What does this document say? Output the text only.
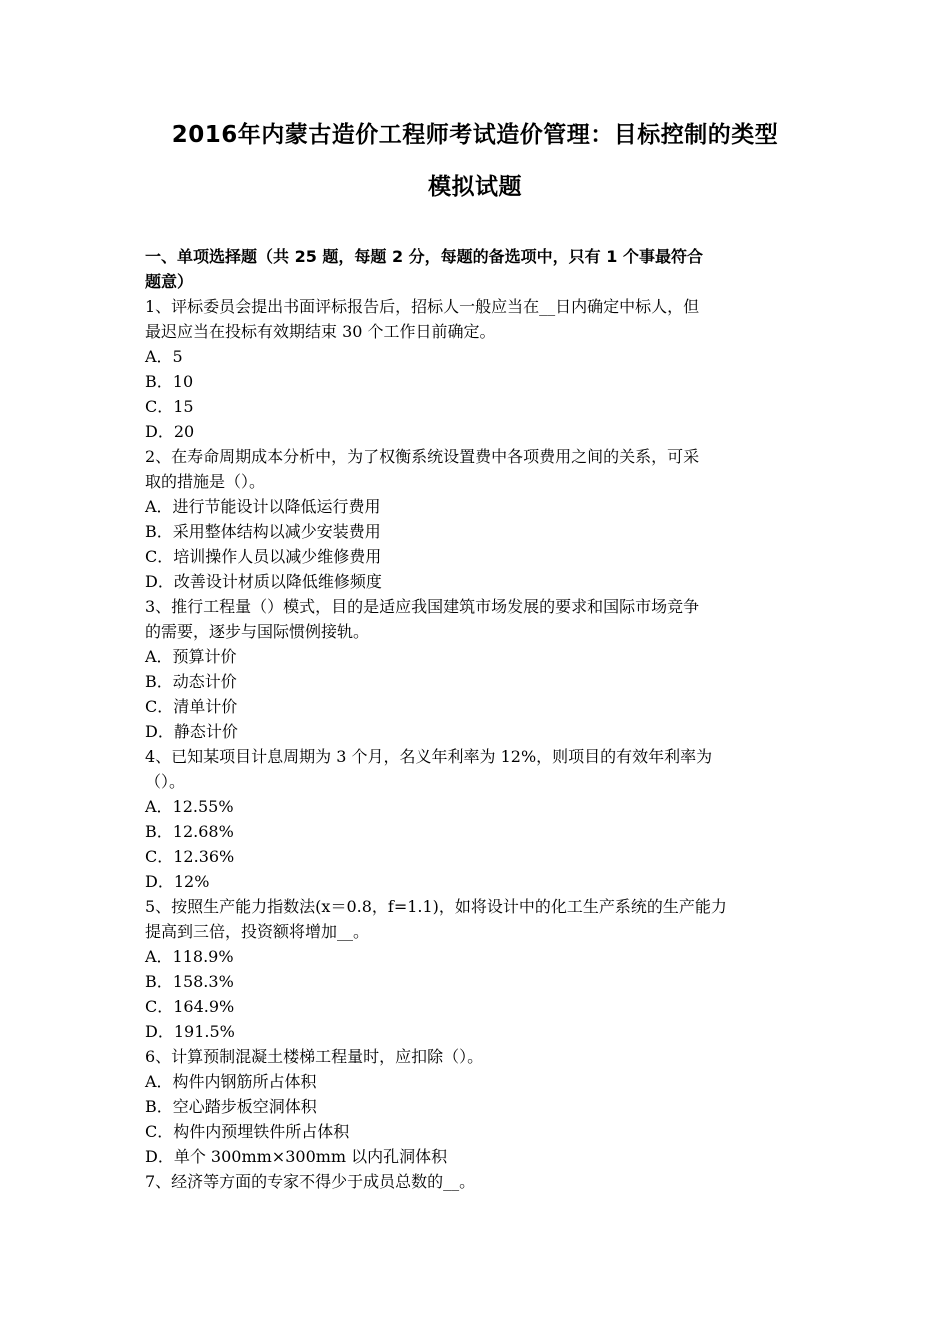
2016年内蒙古造价工程师考试造价管理：目标控制的类型
模拟试题
一、单项选择题（共 25 题，每题 2 分，每题的备选项中，只有 1 个事最符合
题意）
1、评标委员会提出书面评标报告后，招标人一般应当在__日内确定中标人，但
最迟应当在投标有效期结束 30 个工作日前确定。
A．5
B．10
C．15
D．20
2、在寿命周期成本分析中，为了权衡系统设置费中各项费用之间的关系，可采
取的措施是（）。
A．进行节能设计以降低运行费用
B．采用整体结构以减少安装费用
C．培训操作人员以减少维修费用
D．改善设计材质以降低维修频度
3、推行工程量（）模式，目的是适应我国建筑市场发展的要求和国际市场竞争
的需要，逐步与国际惯例接轨。
A．预算计价
B．动态计价
C．清单计价
D．静态计价
4、已知某项目计息周期为 3 个月，名义年利率为 12%，则项目的有效年利率为
（）。
A．12.55%
B．12.68%
C．12.36%
D．12%
5、按照生产能力指数法(x＝0.8，f=1.1)，如将设计中的化工生产系统的生产能力
提高到三倍，投资额将增加__。
A．118.9%
B．158.3%
C．164.9%
D．191.5%
6、计算预制混凝土楼梯工程量时，应扣除（）。
A．构件内钢筋所占体积
B．空心踏步板空洞体积
C．构件内预埋铁件所占体积
D．单个 300mm×300mm 以内孔洞体积
7、经济等方面的专家不得少于成员总数的__。
